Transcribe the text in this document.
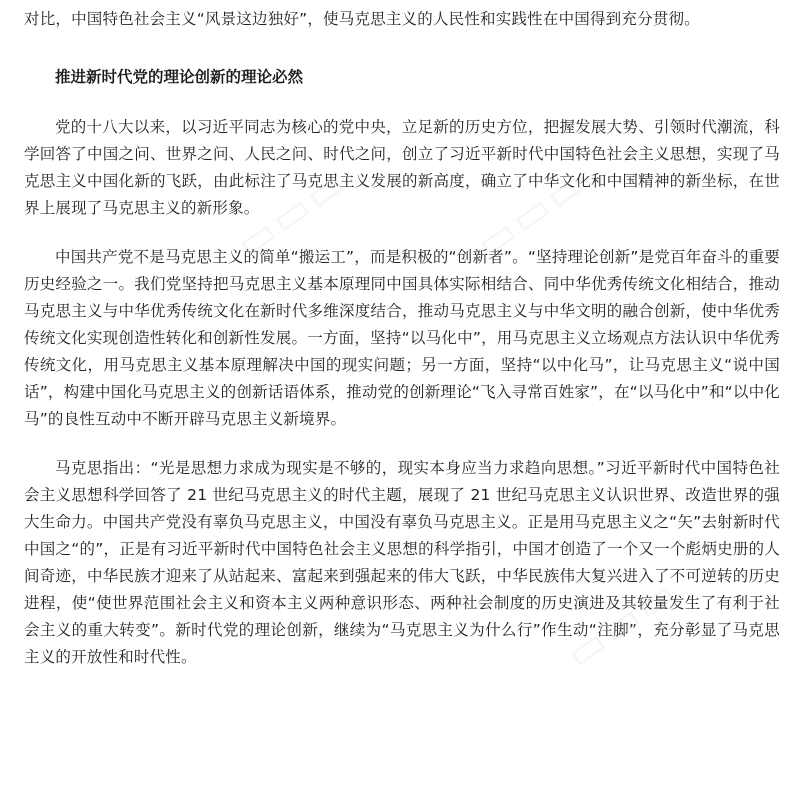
对比，中国特色社会主义“风景这边独好”，使马克思主义的人民性和实践性在中国得到充分贯彻。

推进新时代党的理论创新的理论必然

党的十八大以来，以习近平同志为核心的党中央，立足新的历史方位，把握发展大势、引领时代潮流，科学回答了中国之问、世界之问、人民之问、时代之问，创立了习近平新时代中国特色社会主义思想，实现了马克思主义中国化新的飞跃，由此标注了马克思主义发展的新高度，确立了中华文化和中国精神的新坐标，在世界上展现了马克思主义的新形象。

中国共产党不是马克思主义的简单“搬运工”，而是积极的“创新者”。“坚持理论创新”是党百年奋斗的重要历史经验之一。我们党坚持把马克思主义基本原理同中国具体实际相结合、同中华优秀传统文化相结合，推动马克思主义与中华优秀传统文化在新时代多维深度结合，推动马克思主义与中华文明的融合创新，使中华优秀传统文化实现创造性转化和创新性发展。一方面，坚持“以马化中”，用马克思主义立场观点方法认识中华优秀传统文化，用马克思主义基本原理解决中国的现实问题；另一方面，坚持“以中化马”，让马克思主义“说中国话”，构建中国化马克思主义的创新话语体系，推动党的创新理论“飞入寻常百姓家”，在“以马化中”和“以中化马”的良性互动中不断开辟马克思主义新境界。

马克思指出：“光是思想力求成为现实是不够的，现实本身应当力求趋向思想。”习近平新时代中国特色社会主义思想科学回答了 21 世纪马克思主义的时代主题，展现了 21 世纪马克思主义认识世界、改造世界的强大生命力。中国共产党没有辜负马克思主义，中国没有辜负马克思主义。正是用马克思主义之“矢”去射新时代中国之“的”，正是有习近平新时代中国特色社会主义思想的科学指引，中国才创造了一个又一个彪炳史册的人间奇迹，中华民族才迎来了从站起来、富起来到强起来的伟大飞跃，中华民族伟大复兴进入了不可逆转的历史进程，使“使世界范围社会主义和资本主义两种意识形态、两种社会制度的历史演进及其较量发生了有利于社会主义的重大转变”。新时代党的理论创新，继续为“马克思主义为什么行”作生动“注脚”，充分彰显了马克思主义的开放性和时代性。

▭▭▭	▭▭▭
▭▭▭
